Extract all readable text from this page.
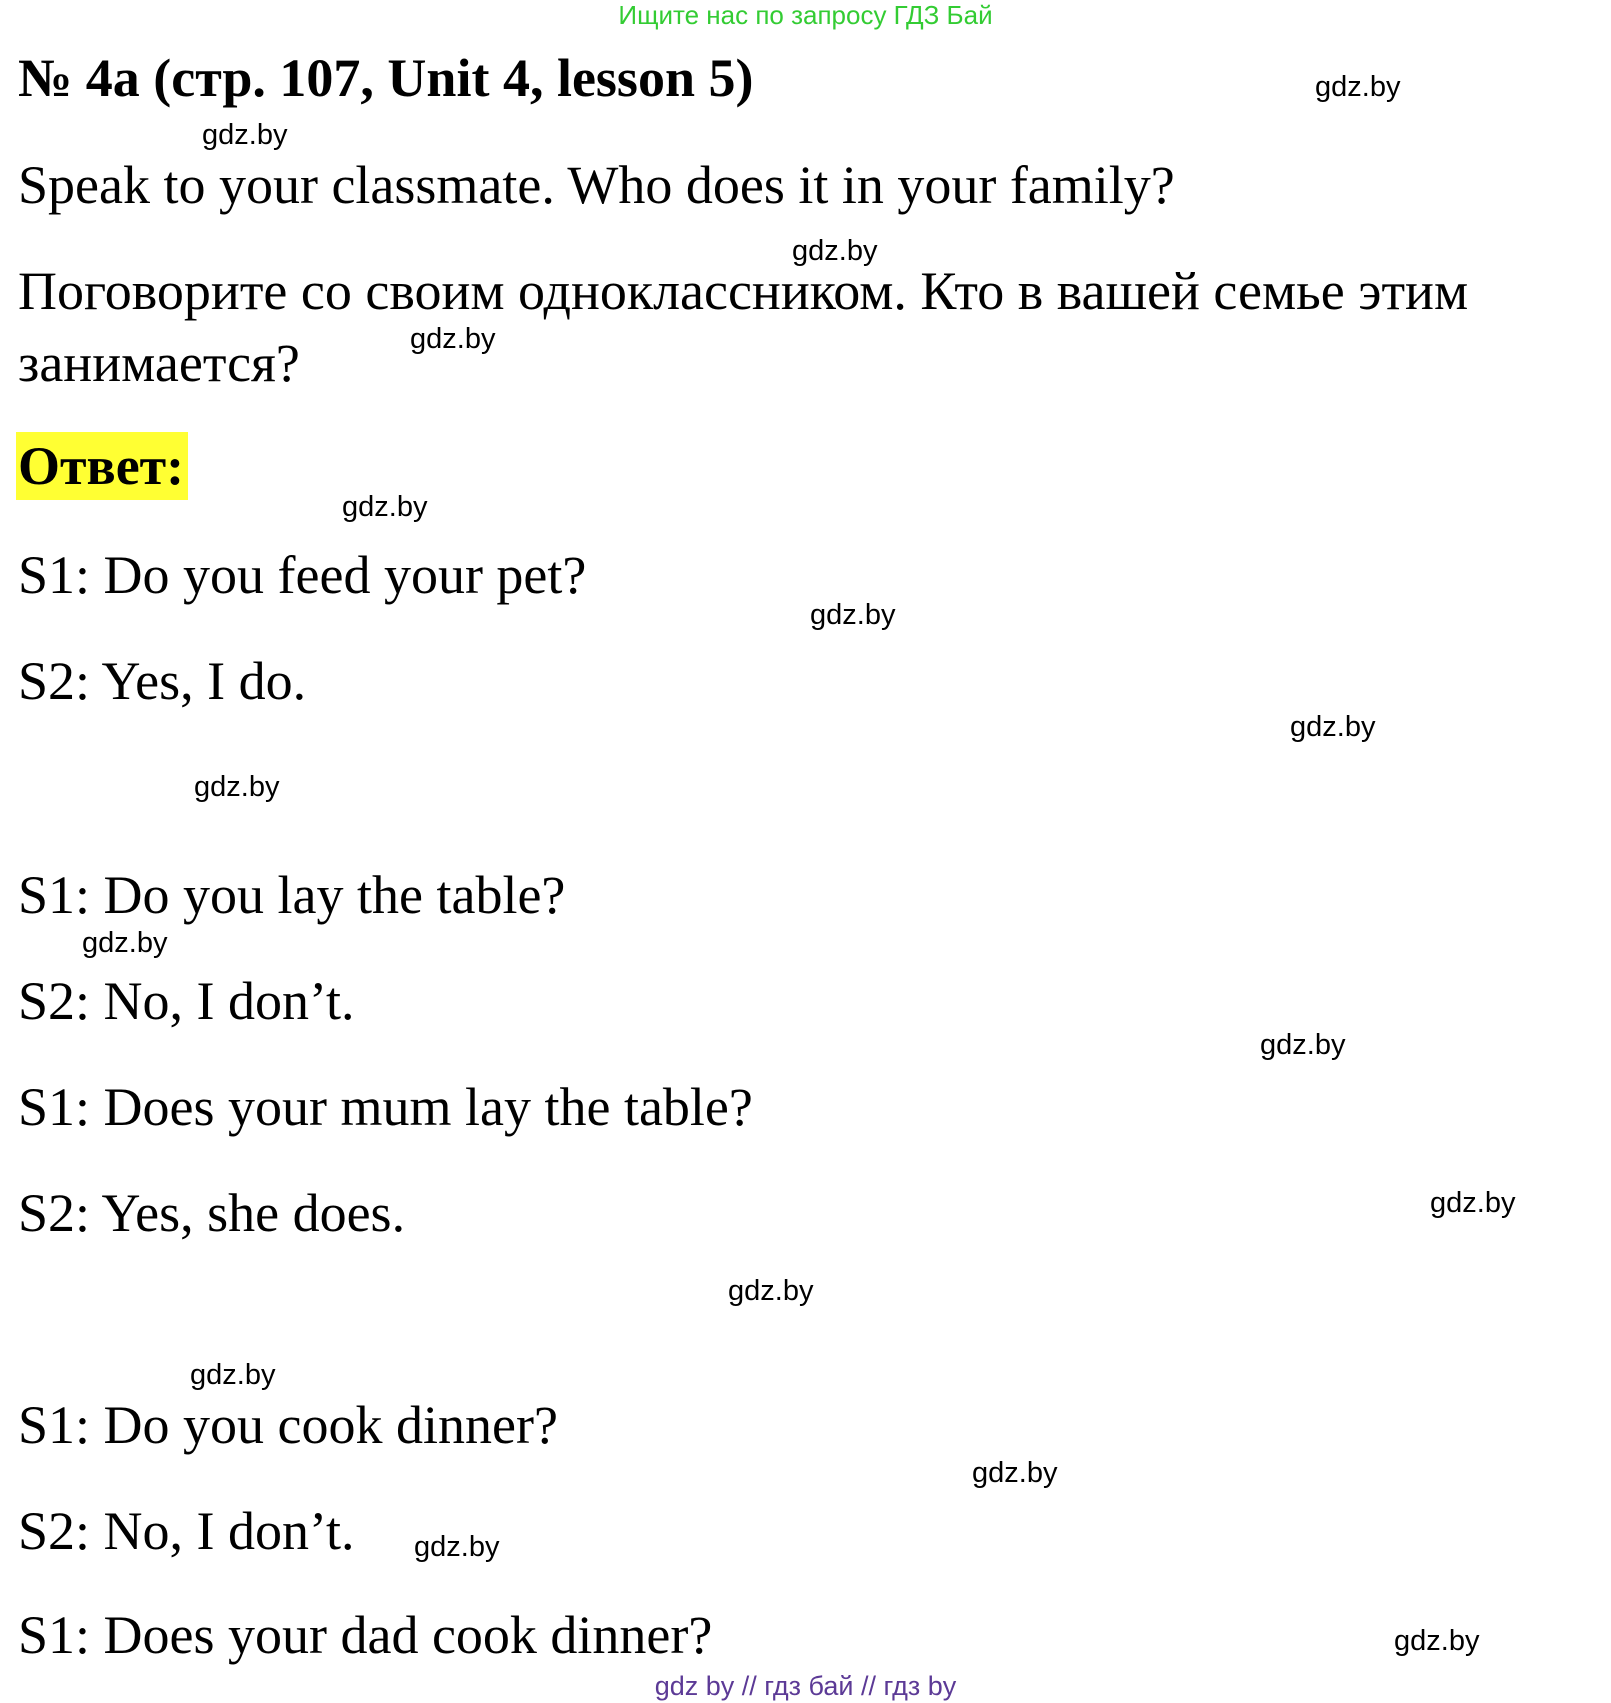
Ищите нас по запросу ГДЗ Бай
№ 4а (стр. 107, Unit 4, lesson 5)
Speak to your classmate. Who does it in your family?
Поговорите со своим одноклассником. Кто в вашей семье этим
занимается?
Ответ:
S1: Do you feed your pet?
S2: Yes, I do.
S1: Do you lay the table?
S2: No, I don’t.
S1: Does your mum lay the table?
S2: Yes, she does.
S1: Do you cook dinner?
S2: No, I don’t.
S1: Does your dad cook dinner?
gdz.by
gdz.by
gdz.by
gdz.by
gdz.by
gdz.by
gdz.by
gdz.by
gdz.by
gdz.by
gdz.by
gdz.by
gdz.by
gdz.by
gdz.by
gdz.by
gdz by // гдз бай // гдз by
